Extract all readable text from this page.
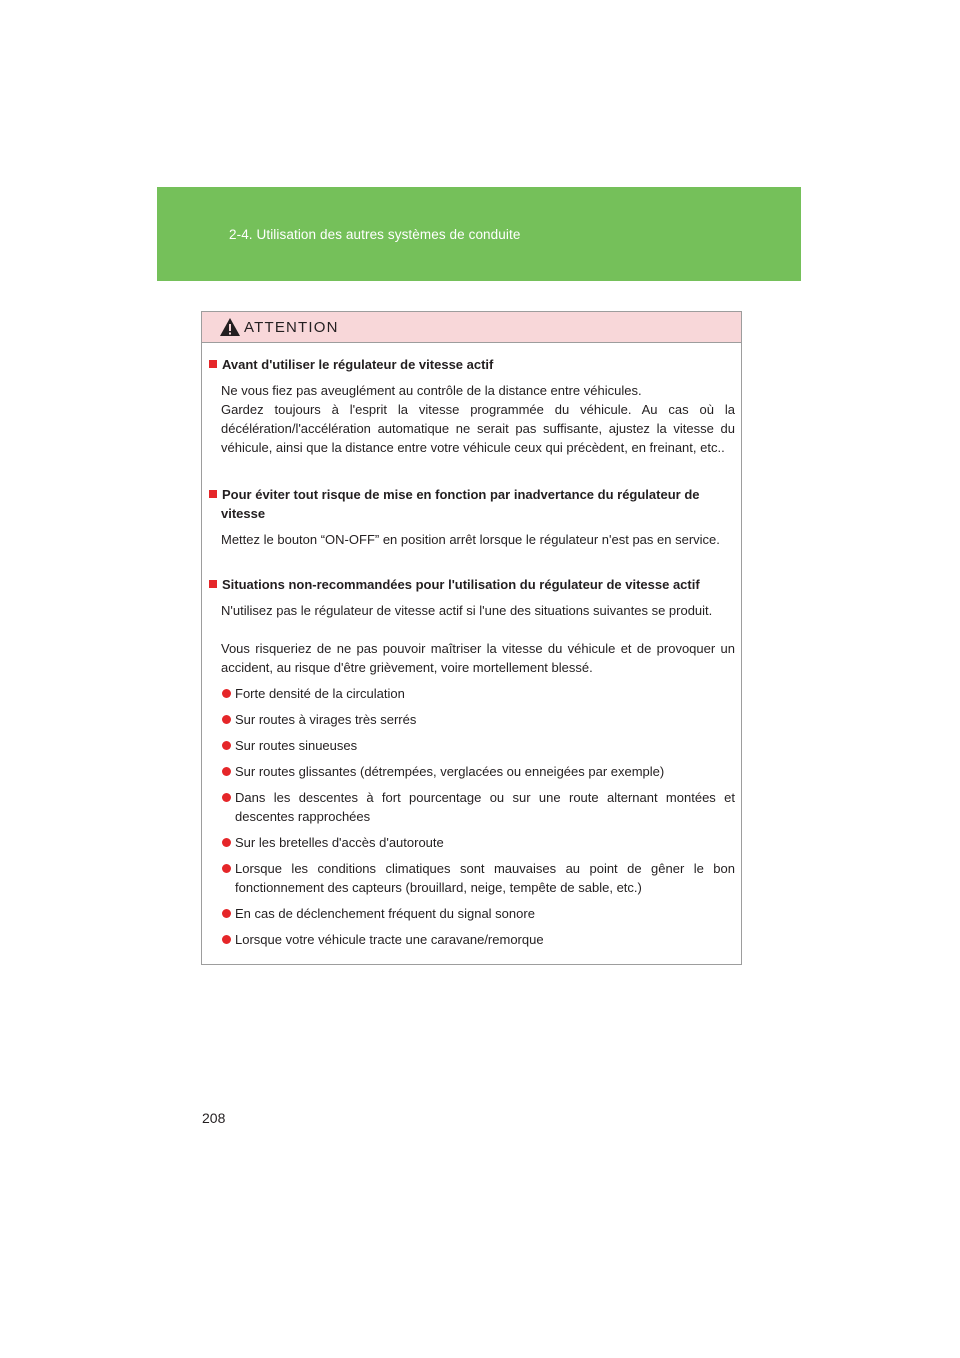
2-4. Utilisation des autres systèmes de conduite
ATTENTION
Avant d'utiliser le régulateur de vitesse actif
Ne vous fiez pas aveuglément au contrôle de la distance entre véhicules.
Gardez toujours à l'esprit la vitesse programmée du véhicule. Au cas où la décélération/l'accélération automatique ne serait pas suffisante, ajustez la vitesse du véhicule, ainsi que la distance entre votre véhicule ceux qui précèdent, en freinant, etc..
Pour éviter tout risque de mise en fonction par inadvertance du régulateur de
vitesse
Mettez le bouton “ON-OFF” en position arrêt lorsque le régulateur n'est pas en service.
Situations non-recommandées pour l'utilisation du régulateur de vitesse actif
N'utilisez pas le régulateur de vitesse actif si l'une des situations suivantes se produit.
Vous risqueriez de ne pas pouvoir maîtriser la vitesse du véhicule et de provoquer un accident, au risque d'être grièvement, voire mortellement blessé.
Forte densité de la circulation
Sur routes à virages très serrés
Sur routes sinueuses
Sur routes glissantes (détrempées, verglacées ou enneigées par exemple)
Dans les descentes à fort pourcentage ou sur une route alternant montées et descentes rapprochées
Sur les bretelles d'accès d'autoroute
Lorsque les conditions climatiques sont mauvaises au point de gêner le bon fonctionnement des capteurs (brouillard, neige, tempête de sable, etc.)
En cas de déclenchement fréquent du signal sonore
Lorsque votre véhicule tracte une caravane/remorque
208
